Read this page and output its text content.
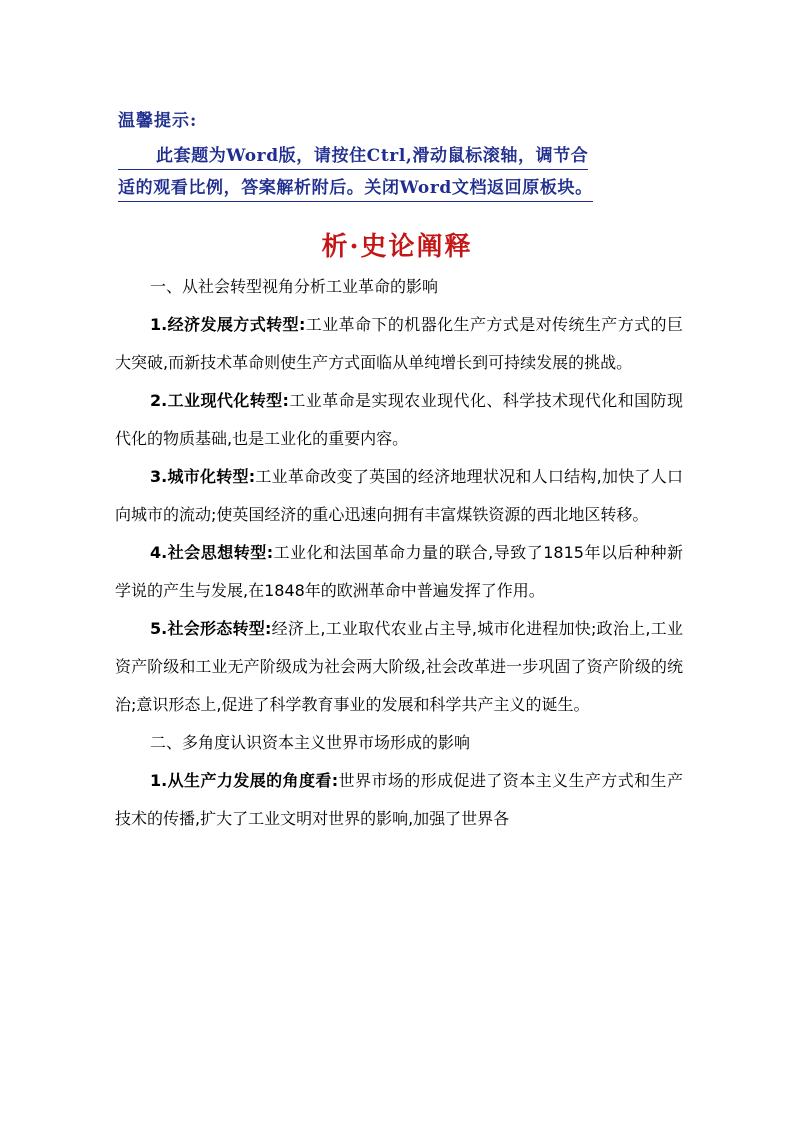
温馨提示:
此套题为Word版，请按住Ctrl,滑动鼠标滚轴，调节合
适的观看比例，答案解析附后。关闭Word文档返回原板块。
析·史论阐释

一、从社会转型视角分析工业革命的影响

1.经济发展方式转型:工业革命下的机器化生产方式是对传统生产方式的巨大突破,而新技术革命则使生产方式面临从单纯增长到可持续发展的挑战。

2.工业现代化转型:工业革命是实现农业现代化、科学技术现代化和国防现代化的物质基础,也是工业化的重要内容。

3.城市化转型:工业革命改变了英国的经济地理状况和人口结构,加快了人口向城市的流动;使英国经济的重心迅速向拥有丰富煤铁资源的西北地区转移。

4.社会思想转型:工业化和法国革命力量的联合,导致了1815年以后种种新学说的产生与发展,在1848年的欧洲革命中普遍发挥了作用。

5.社会形态转型:经济上,工业取代农业占主导,城市化进程加快;政治上,工业资产阶级和工业无产阶级成为社会两大阶级,社会改革进一步巩固了资产阶级的统治;意识形态上,促进了科学教育事业的发展和科学共产主义的诞生。

二、多角度认识资本主义世界市场形成的影响

1.从生产力发展的角度看:世界市场的形成促进了资本主义生产方式和生产技术的传播,扩大了工业文明对世界的影响,加强了世界各
